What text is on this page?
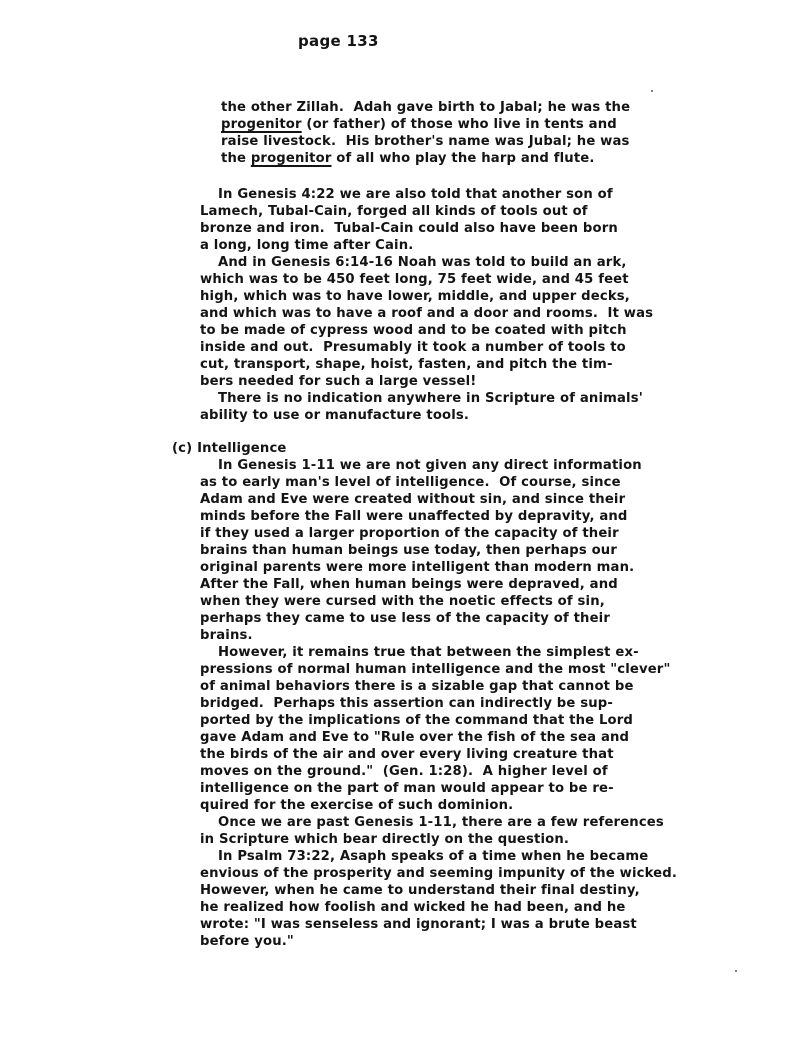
page 133
the other Zillah.  Adah gave birth to Jabal; he was the
progenitor (or father) of those who live in tents and
raise livestock.  His brother's name was Jubal; he was
the progenitor of all who play the harp and flute.
In Genesis 4:22 we are also told that another son of
Lamech, Tubal-Cain, forged all kinds of tools out of
bronze and iron.  Tubal-Cain could also have been born
a long, long time after Cain.
And in Genesis 6:14-16 Noah was told to build an ark,
which was to be 450 feet long, 75 feet wide, and 45 feet
high, which was to have lower, middle, and upper decks,
and which was to have a roof and a door and rooms.  It was
to be made of cypress wood and to be coated with pitch
inside and out.  Presumably it took a number of tools to
cut, transport, shape, hoist, fasten, and pitch the tim-
bers needed for such a large vessel!
There is no indication anywhere in Scripture of animals'
ability to use or manufacture tools.
(c) Intelligence
In Genesis 1-11 we are not given any direct information
as to early man's level of intelligence.  Of course, since
Adam and Eve were created without sin, and since their
minds before the Fall were unaffected by depravity, and
if they used a larger proportion of the capacity of their
brains than human beings use today, then perhaps our
original parents were more intelligent than modern man.
After the Fall, when human beings were depraved, and
when they were cursed with the noetic effects of sin,
perhaps they came to use less of the capacity of their
brains.
However, it remains true that between the simplest ex-
pressions of normal human intelligence and the most "clever"
of animal behaviors there is a sizable gap that cannot be
bridged.  Perhaps this assertion can indirectly be sup-
ported by the implications of the command that the Lord
gave Adam and Eve to "Rule over the fish of the sea and
the birds of the air and over every living creature that
moves on the ground."  (Gen. 1:28).  A higher level of
intelligence on the part of man would appear to be re-
quired for the exercise of such dominion.
Once we are past Genesis 1-11, there are a few references
in Scripture which bear directly on the question.
In Psalm 73:22, Asaph speaks of a time when he became
envious of the prosperity and seeming impunity of the wicked.
However, when he came to understand their final destiny,
he realized how foolish and wicked he had been, and he
wrote: "I was senseless and ignorant; I was a brute beast
before you."
